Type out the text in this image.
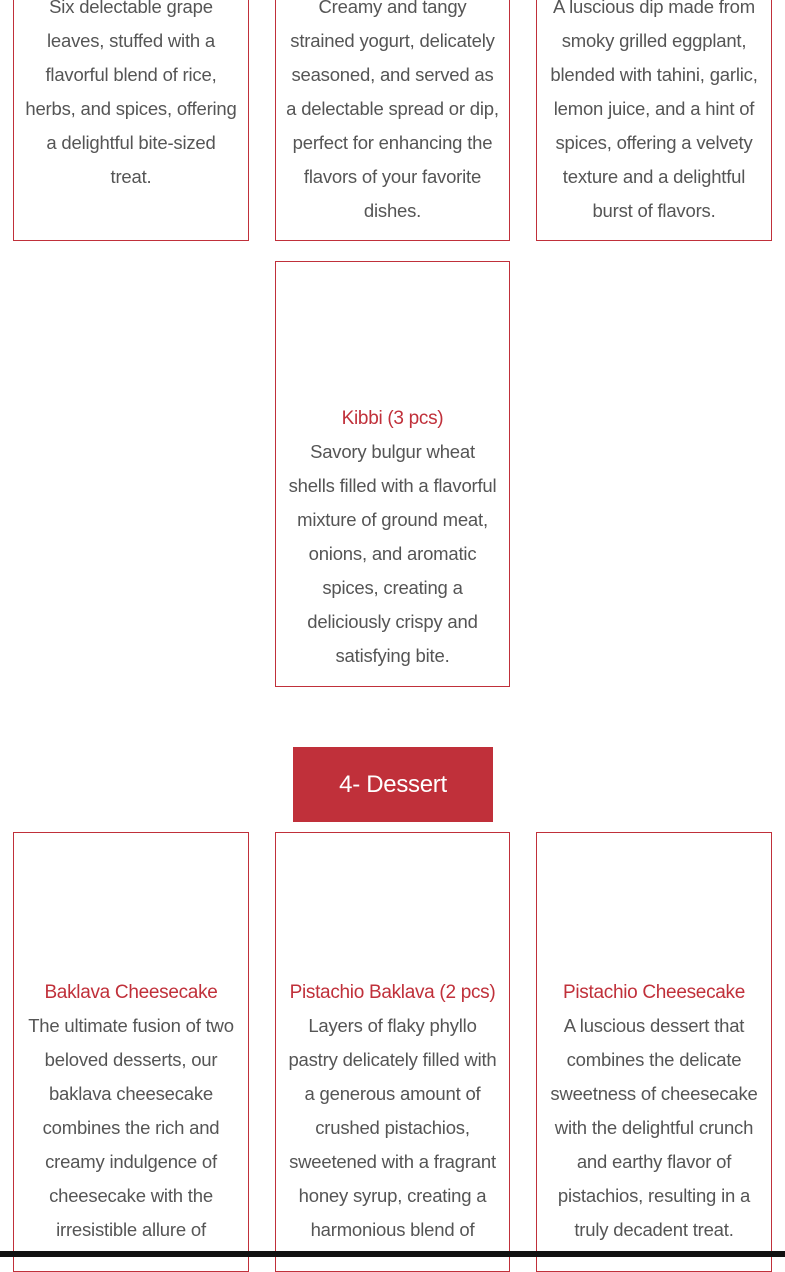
Six delectable grape leaves, stuffed with a flavorful blend of rice, herbs, and spices, offering a delightful bite-sized treat.

Creamy and tangy strained yogurt, delicately seasoned, and served as a delectable spread or dip, perfect for enhancing the flavors of your favorite dishes.

A luscious dip made from smoky grilled eggplant, blended with tahini, garlic, lemon juice, and a hint of spices, offering a velvety texture and a delightful burst of flavors.

Kibbi (3 pcs)

Savory bulgur wheat shells filled with a flavorful mixture of ground meat, onions, and aromatic spices, creating a deliciously crispy and satisfying bite.

4- Dessert
Baklava Cheesecake

The ultimate fusion of two beloved desserts, our baklava cheesecake combines the rich and creamy indulgence of cheesecake with the irresistible allure of

Pistachio Baklava (2 pcs)

Layers of flaky phyllo pastry delicately filled with a generous amount of crushed pistachios, sweetened with a fragrant honey syrup, creating a harmonious blend of

Pistachio Cheesecake

A luscious dessert that combines the delicate sweetness of cheesecake with the delightful crunch and earthy flavor of pistachios, resulting in a truly decadent treat.
